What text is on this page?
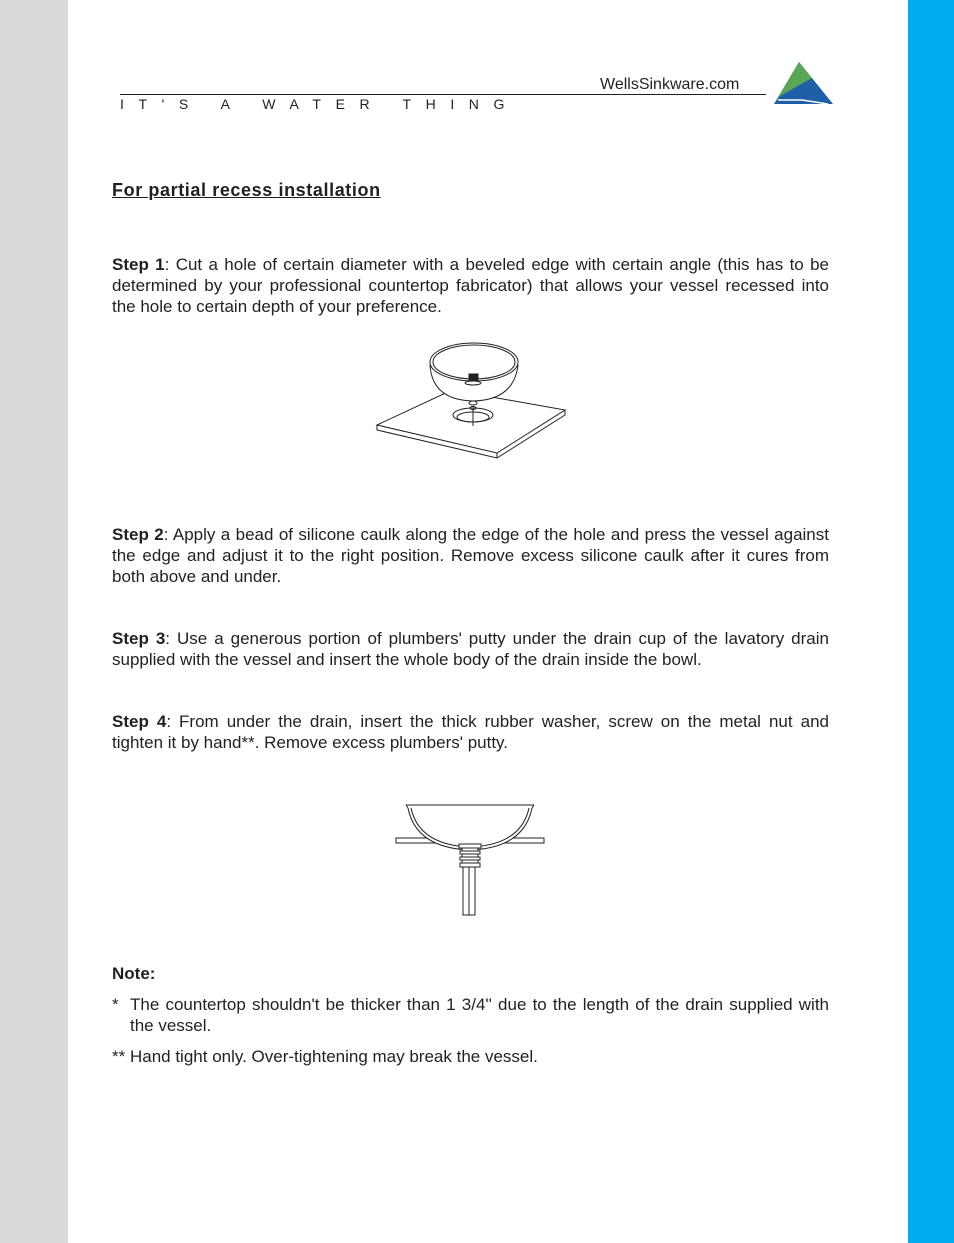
WellsSinkware.com
IT'S A WATER THING
For partial recess installation
Step 1: Cut a hole of certain diameter with a beveled edge with certain angle (this has to be determined by your professional countertop fabricator) that allows your vessel recessed into the hole to certain depth of your preference.
Step 2: Apply a bead of silicone caulk along the edge of the hole and press the vessel against the edge and adjust it to the right position. Remove excess silicone caulk after it cures from both above and under.
Step 3: Use a generous portion of plumbers' putty under the drain cup of the lavatory drain supplied with the vessel and insert the whole body of the drain inside the bowl.
Step 4: From under the drain, insert the thick rubber washer, screw on the metal nut and tighten it by hand**. Remove excess plumbers' putty.
Note:
* The countertop shouldn't be thicker than 1 3/4'' due to the length of the drain supplied with the vessel.
** Hand tight only. Over-tightening may break the vessel.
